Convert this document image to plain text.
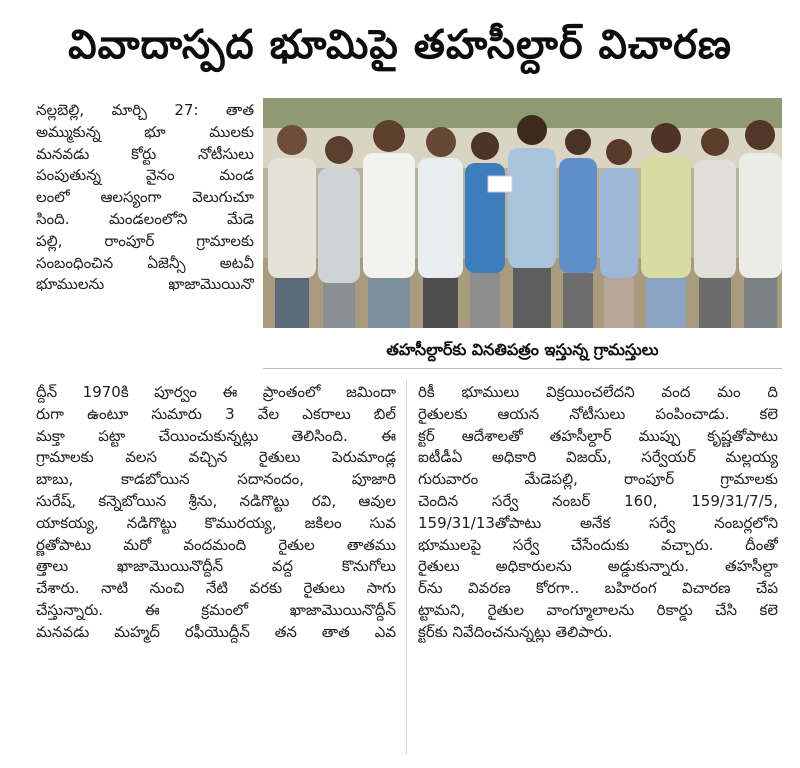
వివాదాస్పద భూమిపై తహసీల్దార్ విచారణ
నల్లబెల్లి, మార్చి 27: తాత
అమ్ముకున్న భూ ములకు
మనవడు కోర్టు నోటీసులు
పంపుతున్న వైనం మండ
లంలో ఆలస్యంగా వెలుగుచూ
సింది. మండలంలోని మేడె
పల్లి, రాంపూర్ గ్రామాలకు
సంబంధించిన ఏజెన్సీ అటవీ
భూములను ఖాజామొయినొ
తహసీల్దార్‌కు వినతిపత్రం ఇస్తున్న గ్రామస్తులు
ద్దీన్ 1970కి పూర్వం ఈ ప్రాంతంలో జమిందా
రుగా ఉంటూ సుమారు 3 వేల ఎకరాలు బిల్
మక్తా పట్టా చేయించుకున్నట్లు తెలిసింది. ఈ
గ్రామాలకు వలస వచ్చిన రైతులు పెరుమాండ్ల
బాబు, కాడబోయిన సదానందం, పూజారి
సురేష్, కన్నెబోయిన శ్రీను, నడిగొట్టు రవి, ఆవుల
యాకయ్య, నడిగొట్టు కొమురయ్య, జకిలం సువ
ర్ణతోపాటు మరో వందమంది రైతుల తాతము
త్తాలు ఖాజామొయినొద్దీన్ వద్ద కొనుగోలు
చేశారు. నాటి నుంచి నేటి వరకు రైతులు సాగు
చేస్తున్నారు. ఈ క్రమంలో ఖాజామొయినొద్దీన్
మనవడు మహ్మద్ రఫీయొద్దీన్ తన తాత ఎవ
రికీ భూములు విక్రయించలేదని వంద మం ది
రైతులకు ఆయన నోటీసులు పంపించాడు. కలె
క్టర్ ఆదేశాలతో తహసీల్దార్ ముప్పు కృష్ణతోపాటు
ఐటీడీఏ అధికారి విజయ్, సర్వేయర్ మల్లయ్య
గురువారం మేడెపల్లి, రాంపూర్ గ్రామాలకు
చెందిన సర్వే నంబర్ 160, 159/31/7/5,
159/31/13తోపాటు అనేక సర్వే నంబర్లలోని
భూములపై సర్వే చేసేందుకు వచ్చారు. దీంతో
రైతులు అధికారులను అడ్డుకున్నారు. తహసీల్దా
ర్‌ను వివరణ కోరగా.. బహిరంగ విచారణ చేప
ట్టామని, రైతుల వాంగ్మూలాలను రికార్డు చేసి కలె
క్టర్‌కు నివేదించనున్నట్లు తెలిపారు.
